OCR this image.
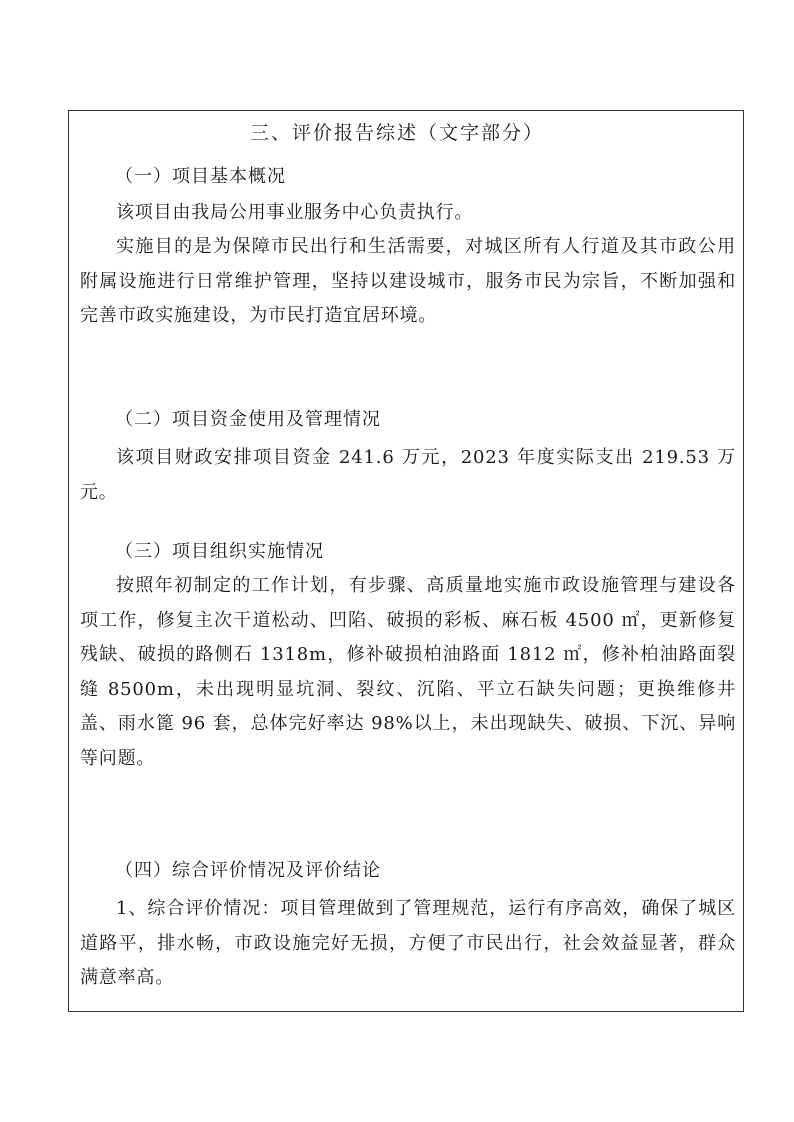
三、评价报告综述（文字部分）
（一）项目基本概况
该项目由我局公用事业服务中心负责执行。
实施目的是为保障市民出行和生活需要，对城区所有人行道及其市政公用附属设施进行日常维护管理，坚持以建设城市，服务市民为宗旨，不断加强和完善市政实施建设，为市民打造宜居环境。
（二）项目资金使用及管理情况
该项目财政安排项目资金 241.6 万元，2023 年度实际支出 219.53 万元。
（三）项目组织实施情况
按照年初制定的工作计划，有步骤、高质量地实施市政设施管理与建设各项工作，修复主次干道松动、凹陷、破损的彩板、麻石板 4500 ㎡，更新修复残缺、破损的路侧石 1318m，修补破损柏油路面 1812 ㎡，修补柏油路面裂缝 8500m，未出现明显坑洞、裂纹、沉陷、平立石缺失问题；更换维修井盖、雨水篦 96 套，总体完好率达 98%以上，未出现缺失、破损、下沉、异响等问题。
（四）综合评价情况及评价结论
1、综合评价情况：项目管理做到了管理规范，运行有序高效，确保了城区道路平，排水畅，市政设施完好无损，方便了市民出行，社会效益显著，群众满意率高。
